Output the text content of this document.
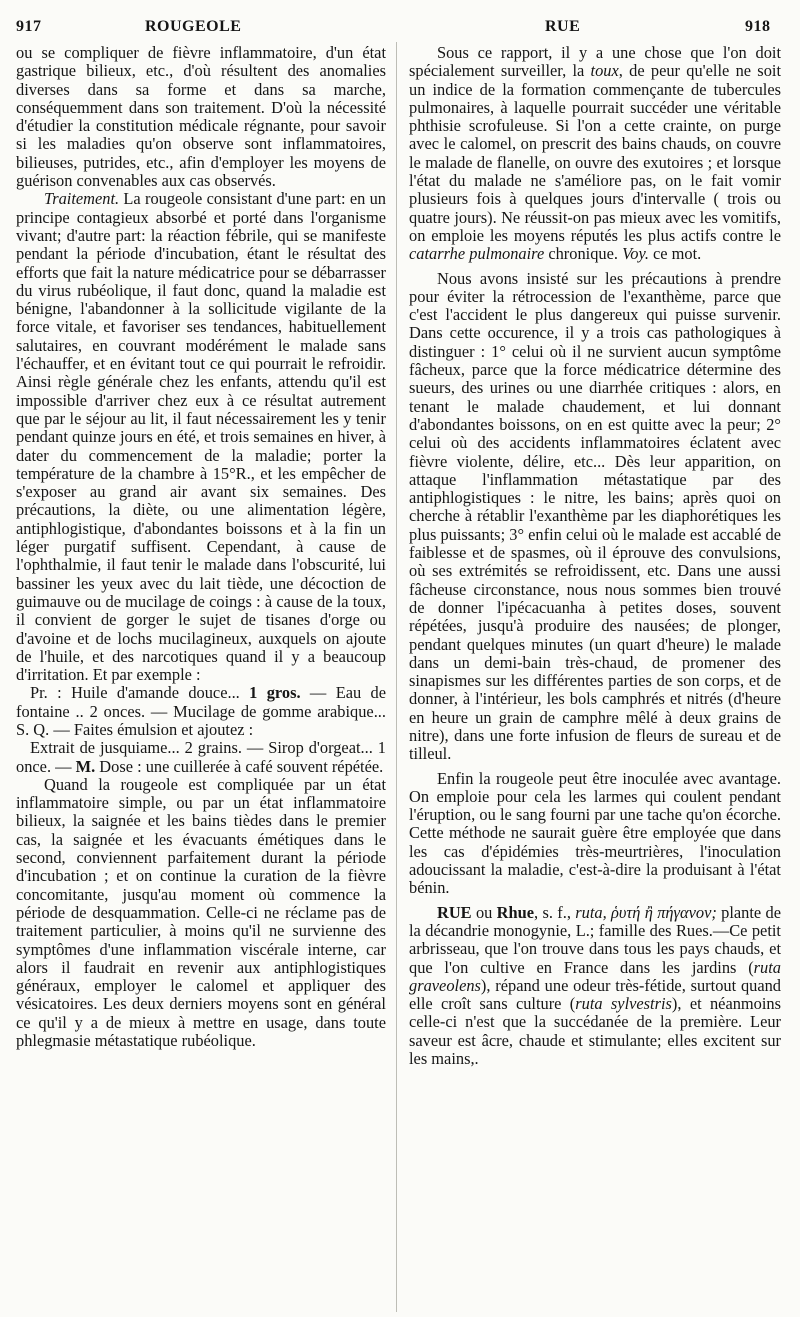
917	ROUGEOLE	RUE	918

ou se compliquer de fièvre inflammatoire, d'un état gastrique bilieux, etc., d'où résultent des anomalies diverses dans sa forme et dans sa marche, conséquemment dans son traitement. D'où la nécessité d'étudier la constitution médicale régnante, pour savoir si les maladies qu'on observe sont inflammatoires, bilieuses, putrides, etc., afin d'employer les moyens de guérison convenables aux cas observés.

Traitement. La rougeole consistant d'une part: en un principe contagieux absorbé et porté dans l'organisme vivant; d'autre part: la réaction fébrile, qui se manifeste pendant la période d'incubation, étant le résultat des efforts que fait la nature médicatrice pour se débarrasser du virus rubéolique, il faut donc, quand la maladie est bénigne, l'abandonner à la sollicitude vigilante de la force vitale, et favoriser ses tendances, habituellement salutaires, en couvrant modérément le malade sans l'échauffer, et en évitant tout ce qui pourrait le refroidir. Ainsi règle générale chez les enfants, attendu qu'il est impossible d'arriver chez eux à ce résultat autrement que par le séjour au lit, il faut nécessairement les y tenir pendant quinze jours en été, et trois semaines en hiver, à dater du commencement de la maladie; porter la température de la chambre à 15°R., et les empêcher de s'exposer au grand air avant six semaines. Des précautions, la diète, ou une alimentation légère, antiphlogistique, d'abondantes boissons et à la fin un léger purgatif suffisent. Cependant, à cause de l'ophthalmie, il faut tenir le malade dans l'obscurité, lui bassiner les yeux avec du lait tiède, une décoction de guimauve ou de mucilage de coings : à cause de la toux, il convient de gorger le sujet de tisanes d'orge ou d'avoine et de lochs mucilagineux, auxquels on ajoute de l'huile, et des narcotiques quand il y a beaucoup d'irritation. Et par exemple :

Pr. : Huile d'amande douce... 1 gros. — Eau de fontaine .. 2 onces. — Mucilage de gomme arabique... S. Q. — Faites émulsion et ajoutez :

Extrait de jusquiame... 2 grains. — Sirop d'orgeat... 1 once. — M. Dose : une cuillerée à café souvent répétée.

Quand la rougeole est compliquée par un état inflammatoire simple, ou par un état inflammatoire bilieux, la saignée et les bains tièdes dans le premier cas, la saignée et les évacuants émétiques dans le second, conviennent parfaitement durant la période d'incubation ; et on continue la curation de la fièvre concomitante, jusqu'au moment où commence la période de desquammation. Celle-ci ne réclame pas de traitement particulier, à moins qu'il ne survienne des symptômes d'une inflammation viscérale interne, car alors il faudrait en revenir aux antiphlogistiques généraux, employer le calomel et appliquer des vésicatoires. Les deux derniers moyens sont en général ce qu'il y a de mieux à mettre en usage, dans toute phlegmasie métastatique rubéolique.

Sous ce rapport, il y a une chose que l'on doit spécialement surveiller, la toux, de peur qu'elle ne soit un indice de la formation commençante de tubercules pulmonaires, à laquelle pourrait succéder une véritable phthisie scrofuleuse. Si l'on a cette crainte, on purge avec le calomel, on prescrit des bains chauds, on couvre le malade de flanelle, on ouvre des exutoires ; et lorsque l'état du malade ne s'améliore pas, on le fait vomir plusieurs fois à quelques jours d'intervalle ( trois ou quatre jours). Ne réussit-on pas mieux avec les vomitifs, on emploie les moyens réputés les plus actifs contre le catarrhe pulmonaire chronique. Voy. ce mot.

Nous avons insisté sur les précautions à prendre pour éviter la rétrocession de l'exanthème, parce que c'est l'accident le plus dangereux qui puisse survenir. Dans cette occurence, il y a trois cas pathologiques à distinguer : 1° celui où il ne survient aucun symptôme fâcheux, parce que la force médicatrice détermine des sueurs, des urines ou une diarrhée critiques : alors, en tenant le malade chaudement, et lui donnant d'abondantes boissons, on en est quitte avec la peur; 2° celui où des accidents inflammatoires éclatent avec fièvre violente, délire, etc... Dès leur apparition, on attaque l'inflammation métastatique par des antiphlogistiques : le nitre, les bains; après quoi on cherche à rétablir l'exanthème par les diaphorétiques les plus puissants; 3° enfin celui où le malade est accablé de faiblesse et de spasmes, où il éprouve des convulsions, où ses extrémités se refroidissent, etc. Dans une aussi fâcheuse circonstance, nous nous sommes bien trouvé de donner l'ipécacuanha à petites doses, souvent répétées, jusqu'à produire des nausées; de plonger, pendant quelques minutes (un quart d'heure) le malade dans un demi-bain très-chaud, de promener des sinapismes sur les différentes parties de son corps, et de donner, à l'intérieur, les bols camphrés et nitrés (d'heure en heure un grain de camphre mêlé à deux grains de nitre), dans une forte infusion de fleurs de sureau et de tilleul.

Enfin la rougeole peut être inoculée avec avantage. On emploie pour cela les larmes qui coulent pendant l'éruption, ou le sang fourni par une tache qu'on écorche. Cette méthode ne saurait guère être employée que dans les cas d'épidémies très-meurtrières, l'inoculation adoucissant la maladie, c'est-à-dire la produisant à l'état bénin.

RUE ou Rhue, s. f., ruta, ῥυτή ἢ πήγανον; plante de la décandrie monogynie, L.; famille des Rues.—Ce petit arbrisseau, que l'on trouve dans tous les pays chauds, et que l'on cultive en France dans les jardins (ruta graveolens), répand une odeur très-fétide, surtout quand elle croît sans culture (ruta sylvestris), et néanmoins celle-ci n'est que la succédanée de la première. Leur saveur est âcre, chaude et stimulante; elles excitent sur les mains,.
